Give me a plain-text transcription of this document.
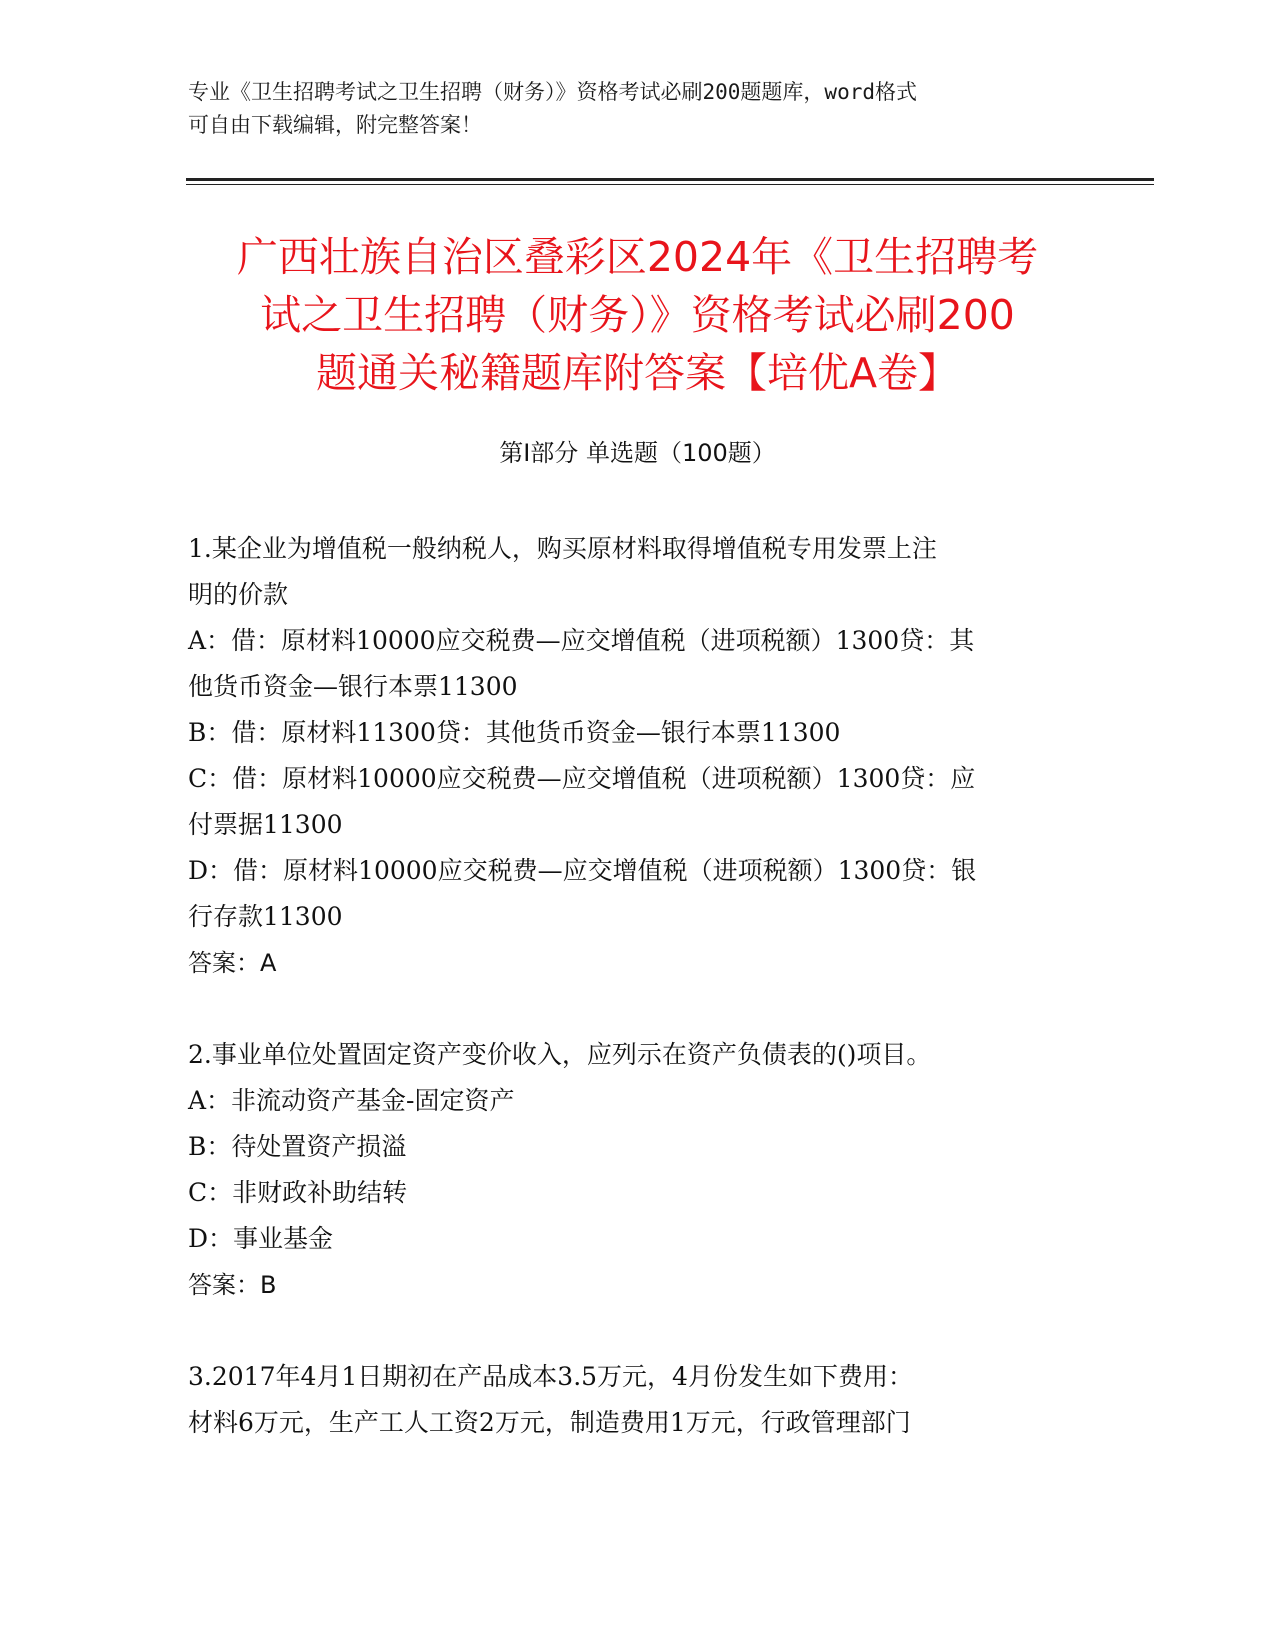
专业《卫生招聘考试之卫生招聘（财务）》资格考试必刷200题题库，word格式
可自由下载编辑，附完整答案！
广西壮族自治区叠彩区2024年《卫生招聘考
试之卫生招聘（财务）》资格考试必刷200
题通关秘籍题库附答案【培优A卷】
第I部分 单选题（100题）
1.某企业为增值税一般纳税人，购买原材料取得增值税专用发票上注
明的价款
A：借：原材料10000应交税费—应交增值税（进项税额）1300贷：其
他货币资金—银行本票11300
B：借：原材料11300贷：其他货币资金—银行本票11300
C：借：原材料10000应交税费—应交增值税（进项税额）1300贷：应
付票据11300
D：借：原材料10000应交税费—应交增值税（进项税额）1300贷：银
行存款11300
答案：A
2.事业单位处置固定资产变价收入，应列示在资产负债表的()项目。
A：非流动资产基金-固定资产
B：待处置资产损溢
C：非财政补助结转
D：事业基金
答案：B
3.2017年4月1日期初在产品成本3.5万元，4月份发生如下费用：
材料6万元，生产工人工资2万元，制造费用1万元，行政管理部门
